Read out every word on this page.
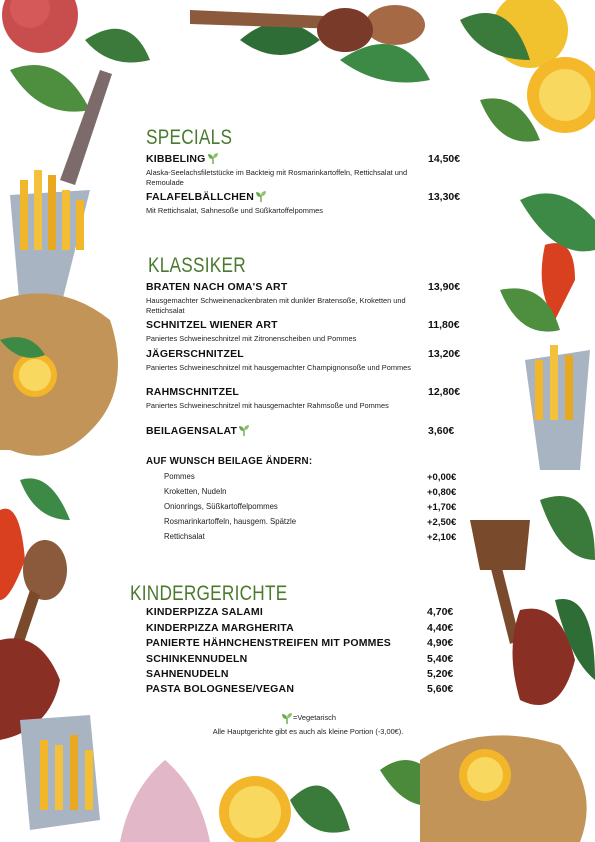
SPECIALS
KIBBELING	14,50€
Alaska-Seelachsfiletstücke im Backteig mit Rosmarinkartoffeln, Rettichsalat und Remoulade
FALAFELBÄLLCHEN	13,30€
Mit Rettichsalat, Sahnesoße und Süßkartoffelpommes
KLASSIKER
BRATEN NACH OMA'S ART	13,90€
Hausgemachter Schweinenackenbraten mit dunkler Bratensoße, Kroketten und Rettichsalat
SCHNITZEL WIENER ART	11,80€
Paniertes Schweineschnitzel mit Zitronenscheiben und Pommes
JÄGERSCHNITZEL	13,20€
Paniertes Schweineschnitzel mit hausgemachter Champignonsoße und Pommes
RAHMSCHNITZEL	12,80€
Paniertes Schweineschnitzel mit hausgemachter Rahmsoße und Pommes
BEILAGENSALAT	3,60€
AUF WUNSCH BEILAGE ÄNDERN:
Pommes	+0,00€
Kroketten, Nudeln	+0,80€
Onionrings, Süßkartoffelpommes	+1,70€
Rosmarinkartoffeln, hausgem. Spätzle	+2,50€
Rettichsalat	+2,10€
KINDERGERICHTE
KINDERPIZZA SALAMI	4,70€
KINDERPIZZA MARGHERITA	4,40€
PANIERTE HÄHNCHENSTREIFEN MIT POMMES	4,90€
SCHINKENNUDELN	5,40€
SAHNENUDELN	5,20€
PASTA BOLOGNESE/VEGAN	5,60€
=Vegetarisch
Alle Hauptgerichte gibt es auch als kleine Portion (-3,00€).
